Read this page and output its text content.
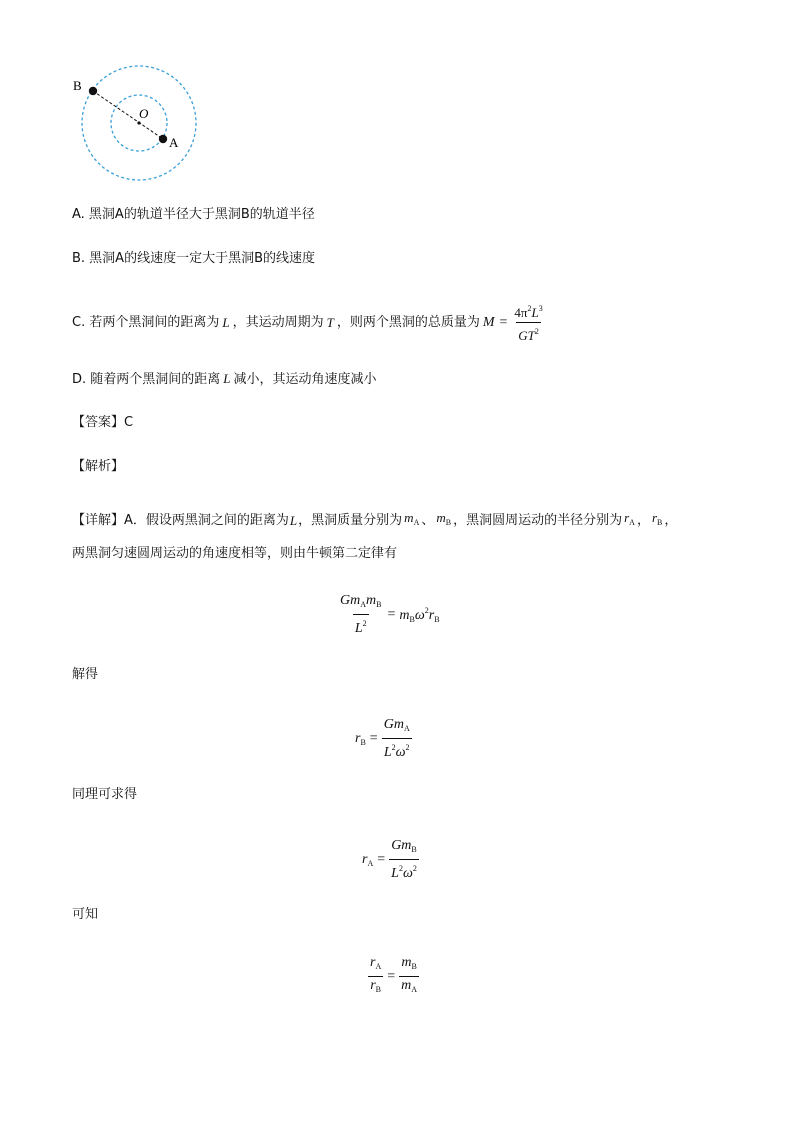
B
O
A
A. 黑洞A的轨道半径大于黑洞B的轨道半径
B. 黑洞A的线速度一定大于黑洞B的线速度
C. 若两个黑洞间的距离为 L ，其运动周期为 T ，则两个黑洞的总质量为 $M = \frac{4\pi^2L^3}{GT^2}$
D. 随着两个黑洞间的距离 L 减小，其运动角速度减小
【答案】C
【解析】
【详解】 A．假设两黑洞之间的距离为 L ，黑洞质量分别为 $m_A$ 、 $m_B$ ，黑洞圆周运动的半径分别为 $r_A$ ， $r_B$ ，
两黑洞匀速圆周运动的角速度相等，则由牛顿第二定律有
$\frac{Gm_Am_B}{L^2} = m_B\omega^2r_B$
解得
$r_B = \frac{Gm_A}{L^2\omega^2}$
同理可求得
$r_A = \frac{Gm_B}{L^2\omega^2}$
可知
$\frac{r_A}{r_B} = \frac{m_B}{m_A}$
